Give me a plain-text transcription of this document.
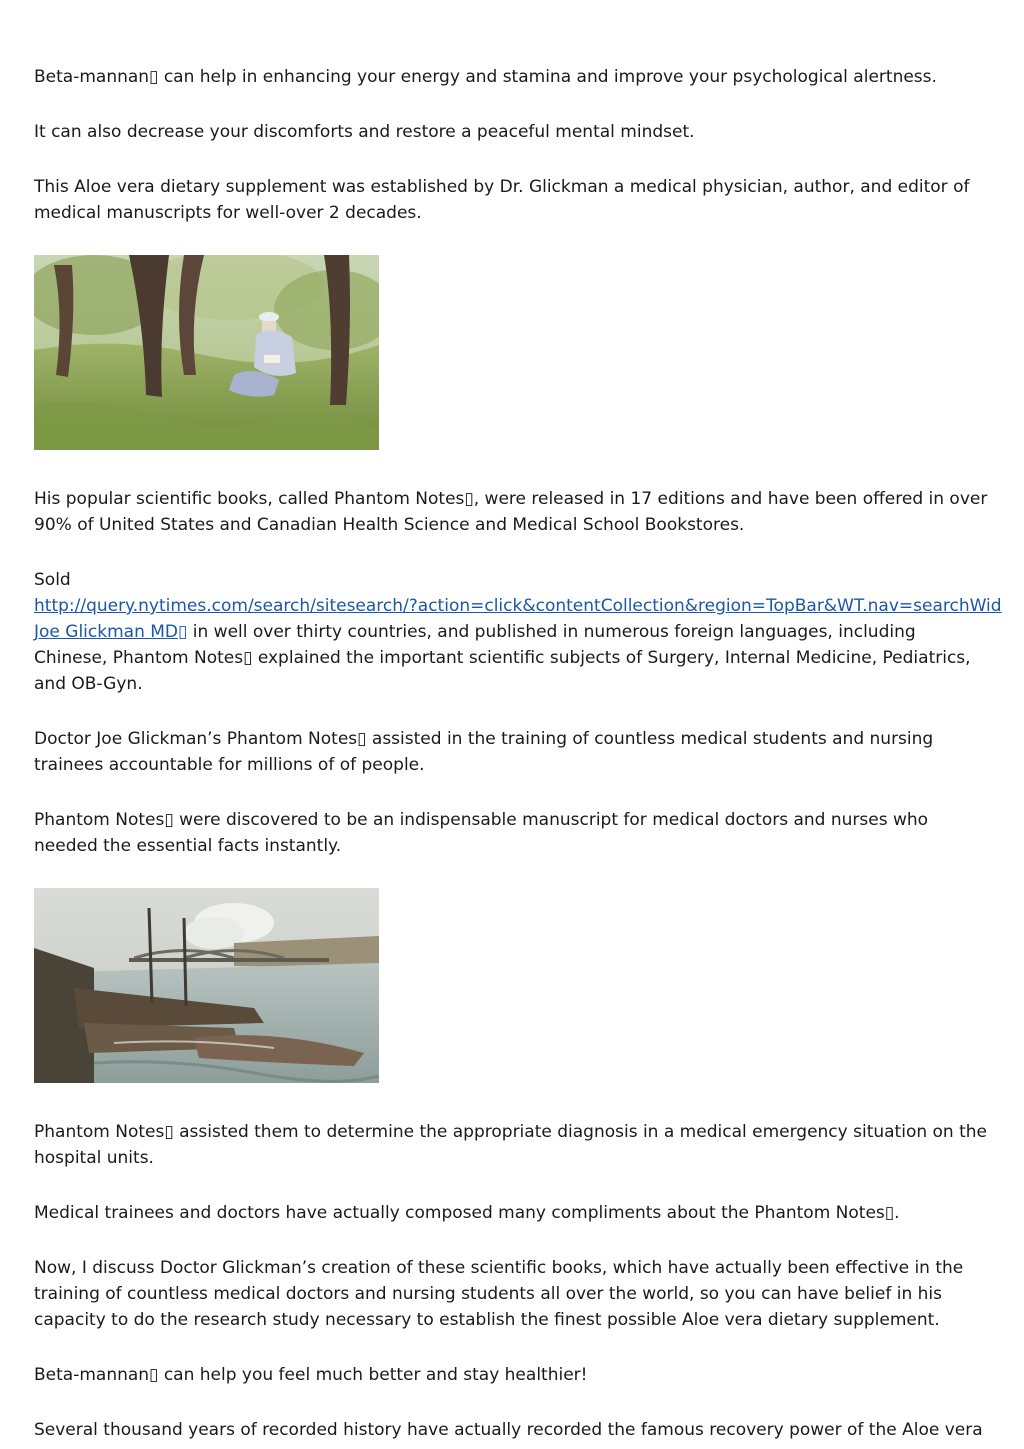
Beta-mannan▯ can help in enhancing your energy and stamina and improve your psychological alertness.

It can also decrease your discomforts and restore a peaceful mental mindset.

This Aloe vera dietary supplement was established by Dr. Glickman a medical physician, author, and editor of medical manuscripts for well-over 2 decades.

His popular scientific books, called Phantom Notes▯, were released in 17 editions and have been offered in over 90% of United States and Canadian Health Science and Medical School Bookstores.

Sold
http://query.nytimes.com/search/sitesearch/?action=click&contentCollection&region=TopBar&WT.nav=searchWid
Joe Glickman MD▯ in well over thirty countries, and published in numerous foreign languages, including Chinese, Phantom Notes▯ explained the important scientific subjects of Surgery, Internal Medicine, Pediatrics, and OB-Gyn.

Doctor Joe Glickman’s Phantom Notes▯ assisted in the training of countless medical students and nursing trainees accountable for millions of of people.

Phantom Notes▯ were discovered to be an indispensable manuscript for medical doctors and nurses who needed the essential facts instantly.

Phantom Notes▯ assisted them to determine the appropriate diagnosis in a medical emergency situation on the hospital units.

Medical trainees and doctors have actually composed many compliments about the Phantom Notes▯.

Now, I discuss Doctor Glickman’s creation of these scientific books, which have actually been effective in the training of countless medical doctors and nursing students all over the world, so you can have belief in his capacity to do the research study necessary to establish the finest possible Aloe vera dietary supplement.

Beta-mannan▯ can help you feel much better and stay healthier!

Several thousand years of recorded history have actually recorded the famous recovery power of the Aloe vera
